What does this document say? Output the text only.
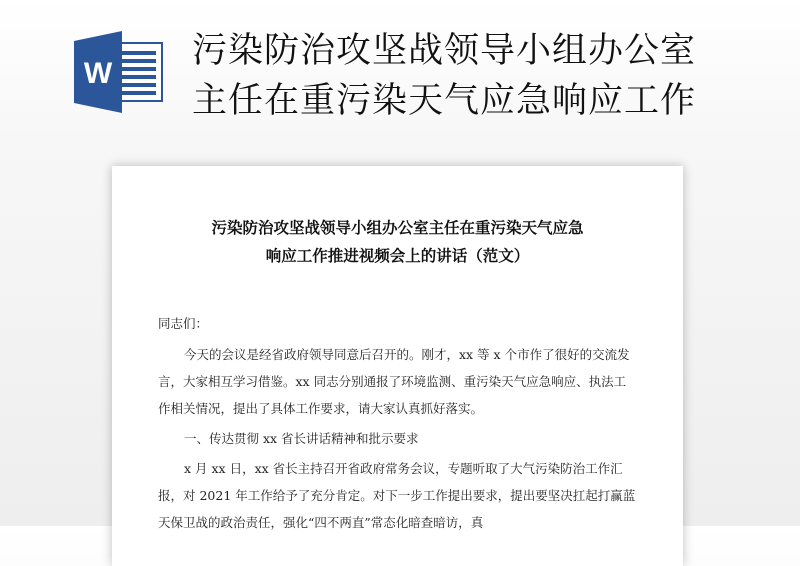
W
污染防治攻坚战领导小组办公室
主任在重污染天气应急响应工作
污染防治攻坚战领导小组办公室主任在重污染天气应急
响应工作推进视频会上的讲话（范文）

同志们：

今天的会议是经省政府领导同意后召开的。刚才，xx 等 x 个市作了很好的交流发言，大家相互学习借鉴。xx 同志分别通报了环境监测、重污染天气应急响应、执法工作相关情况，提出了具体工作要求，请大家认真抓好落实。

一、传达贯彻 xx 省长讲话精神和批示要求

x 月 xx 日，xx 省长主持召开省政府常务会议，专题听取了大气污染防治工作汇报，对 2021 年工作给予了充分肯定。对下一步工作提出要求，提出要坚决扛起打赢蓝天保卫战的政治责任，强化“四不两直”常态化暗查暗访，真
